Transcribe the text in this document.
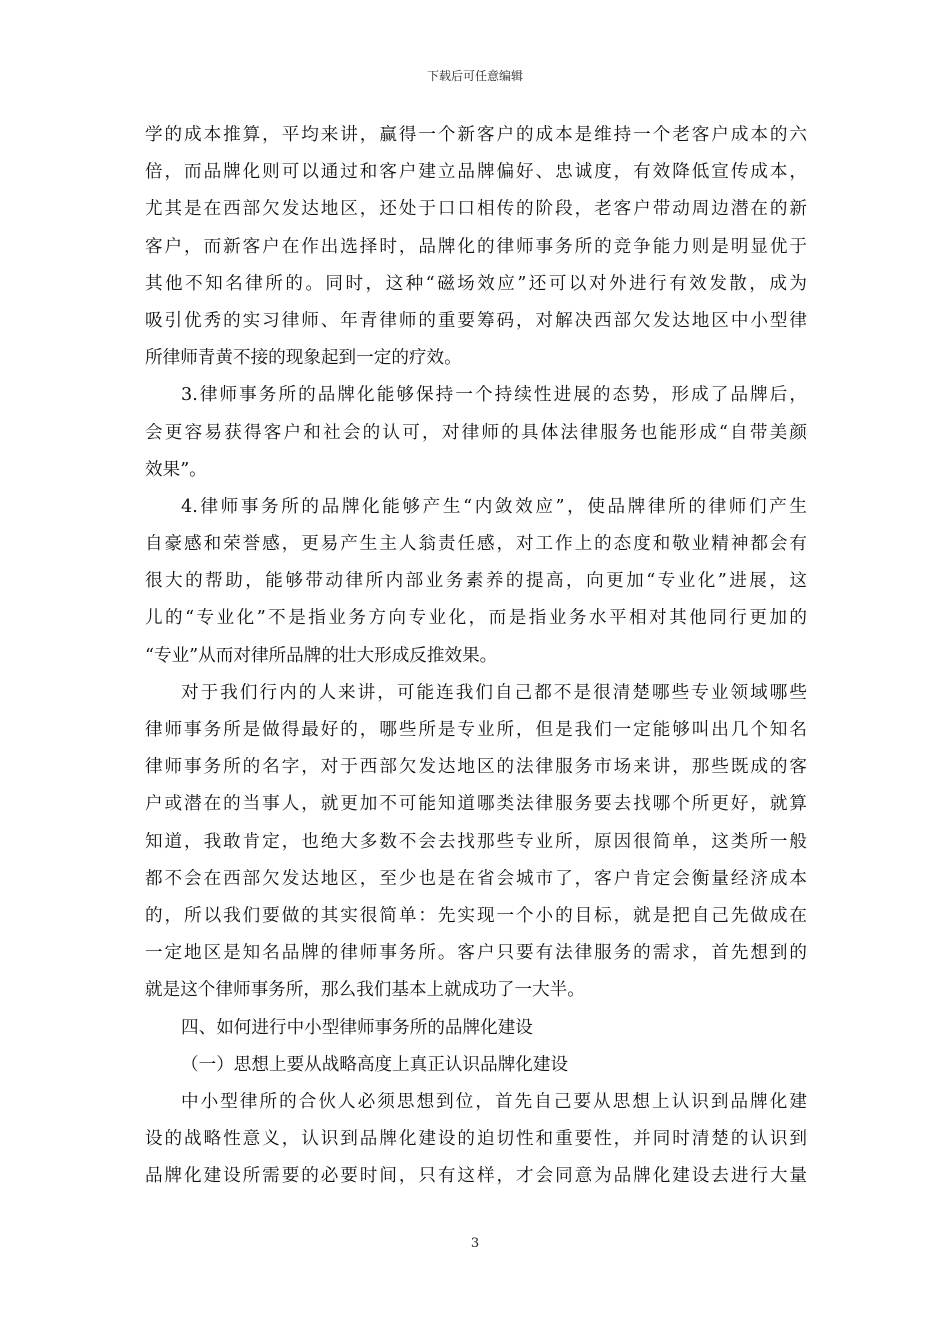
下载后可任意编辑
学的成本推算，平均来讲，赢得一个新客户的成本是维持一个老客户成本的六
倍，而品牌化则可以通过和客户建立品牌偏好、忠诚度，有效降低宣传成本，
尤其是在西部欠发达地区，还处于口口相传的阶段，老客户带动周边潜在的新
客户，而新客户在作出选择时，品牌化的律师事务所的竞争能力则是明显优于
其他不知名律所的。同时，这种“磁场效应”还可以对外进行有效发散，成为
吸引优秀的实习律师、年青律师的重要筹码，对解决西部欠发达地区中小型律
所律师青黄不接的现象起到一定的疗效。
3.律师事务所的品牌化能够保持一个持续性进展的态势，形成了品牌后，
会更容易获得客户和社会的认可，对律师的具体法律服务也能形成“自带美颜
效果”。
4.律师事务所的品牌化能够产生“内敛效应”，使品牌律所的律师们产生
自豪感和荣誉感，更易产生主人翁责任感，对工作上的态度和敬业精神都会有
很大的帮助，能够带动律所内部业务素养的提高，向更加“专业化”进展，这
儿的“专业化”不是指业务方向专业化，而是指业务水平相对其他同行更加的
“专业”从而对律所品牌的壮大形成反推效果。
对于我们行内的人来讲，可能连我们自己都不是很清楚哪些专业领域哪些
律师事务所是做得最好的，哪些所是专业所，但是我们一定能够叫出几个知名
律师事务所的名字，对于西部欠发达地区的法律服务市场来讲，那些既成的客
户或潜在的当事人，就更加不可能知道哪类法律服务要去找哪个所更好，就算
知道，我敢肯定，也绝大多数不会去找那些专业所，原因很简单，这类所一般
都不会在西部欠发达地区，至少也是在省会城市了，客户肯定会衡量经济成本
的，所以我们要做的其实很简单：先实现一个小的目标，就是把自己先做成在
一定地区是知名品牌的律师事务所。客户只要有法律服务的需求，首先想到的
就是这个律师事务所，那么我们基本上就成功了一大半。
四、如何进行中小型律师事务所的品牌化建设
（一）思想上要从战略高度上真正认识品牌化建设
中小型律所的合伙人必须思想到位，首先自己要从思想上认识到品牌化建
设的战略性意义，认识到品牌化建设的迫切性和重要性，并同时清楚的认识到
品牌化建设所需要的必要时间，只有这样，才会同意为品牌化建设去进行大量
3
